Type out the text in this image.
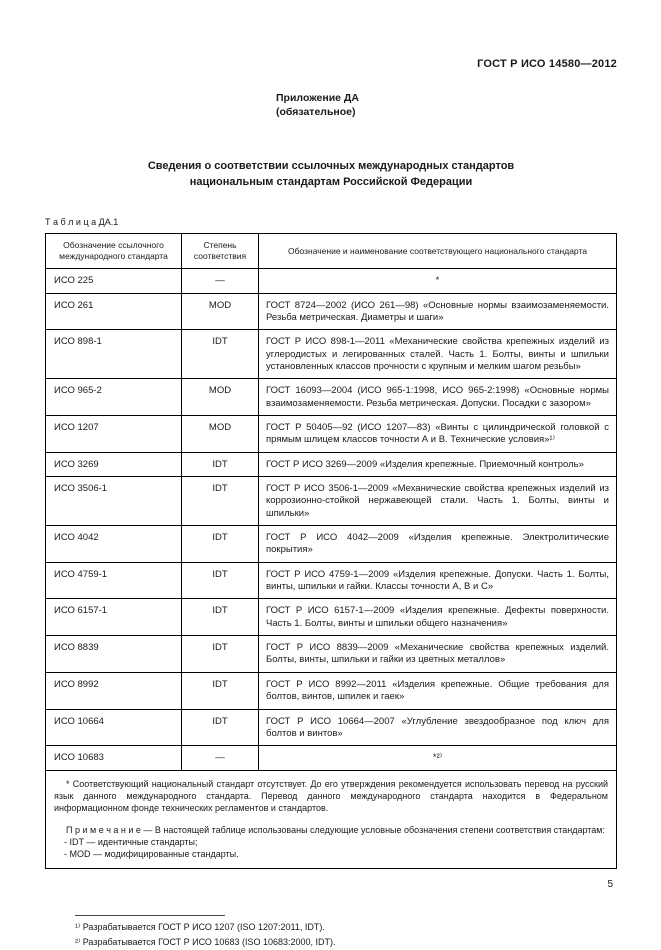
ГОСТ Р ИСО 14580—2012
Приложение ДА
(обязательное)
Сведения о соответствии ссылочных международных стандартов
национальным стандартам Российской Федерации
Т а б л и ц а ДА.1
Обозначение ссылочного международного стандарта	Степень соответствия	Обозначение и наименование соответствующего национального стандарта
ИСО 225	—	*
ИСО 261	MOD	ГОСТ 8724—2002 (ИСО 261—98) «Основные нормы взаимозаменяемости. Резьба метрическая. Диаметры и шаги»
ИСО 898-1	IDT	ГОСТ Р ИСО 898-1—2011 «Механические свойства крепежных изделий из углеродистых и легированных сталей. Часть 1. Болты, винты и шпильки установленных классов прочности с крупным и мелким шагом резьбы»
ИСО 965-2	MOD	ГОСТ 16093—2004 (ИСО 965-1:1998, ИСО 965-2:1998) «Основные нормы взаимозаменяемости. Резьба метрическая. Допуски. Посадки с зазором»
ИСО 1207	MOD	ГОСТ Р 50405—92 (ИСО 1207—83) «Винты с цилиндрической головкой с прямым шлицем классов точности А и В. Технические условия»¹⁾
ИСО 3269	IDT	ГОСТ Р ИСО 3269—2009 «Изделия крепежные. Приемочный контроль»
ИСО 3506-1	IDT	ГОСТ Р ИСО 3506-1—2009 «Механические свойства крепежных изделий из коррозионно-стойкой нержавеющей стали. Часть 1. Болты, винты и шпильки»
ИСО 4042	IDT	ГОСТ Р ИСО 4042—2009 «Изделия крепежные. Электролитические покрытия»
ИСО 4759-1	IDT	ГОСТ Р ИСО 4759-1—2009 «Изделия крепежные. Допуски. Часть 1. Болты, винты, шпильки и гайки. Классы точности А, В и С»
ИСО 6157-1	IDT	ГОСТ Р ИСО 6157-1—2009 «Изделия крепежные. Дефекты поверхности. Часть 1. Болты, винты и шпильки общего назначения»
ИСО 8839	IDT	ГОСТ Р ИСО 8839—2009 «Механические свойства крепежных изделий. Болты, винты, шпильки и гайки из цветных металлов»
ИСО 8992	IDT	ГОСТ Р ИСО 8992—2011 «Изделия крепежные. Общие требования для болтов, винтов, шпилек и гаек»
ИСО 10664	IDT	ГОСТ Р ИСО 10664—2007 «Углубление звездообразное под ключ для болтов и винтов»
ИСО 10683	—	*²⁾

* Соответствующий национальный стандарт отсутствует. До его утверждения рекомендуется использовать перевод на русский язык данного международного стандарта. Перевод данного международного стандарта находится в Федеральном информационном фонде технических регламентов и стандартов.

П р и м е ч а н и е — В настоящей таблице использованы следующие условные обозначения степени соответствия стандартам:

- IDT — идентичные стандарты;
- MOD — модифицированные стандарты.		
¹⁾ Разрабатывается ГОСТ Р ИСО 1207 (ISO 1207:2011, IDT).
²⁾ Разрабатывается ГОСТ Р ИСО 10683 (ISO 10683:2000, IDT).
5
